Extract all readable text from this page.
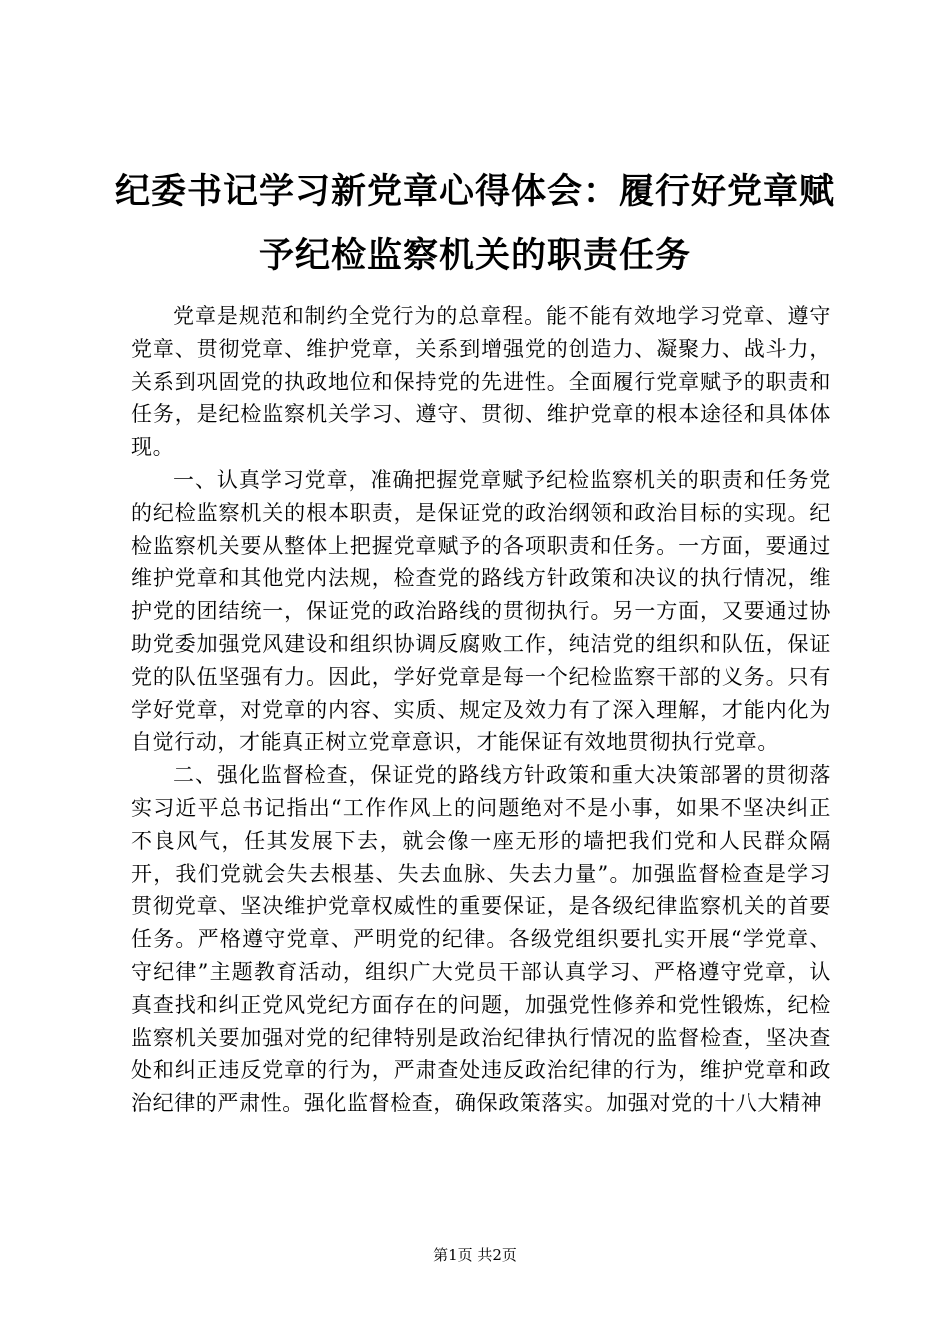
纪委书记学习新党章心得体会：履行好党章赋
予纪检监察机关的职责任务

党章是规范和制约全党行为的总章程。能不能有效地学习党章、遵守党章、贯彻党章、维护党章，关系到增强党的创造力、凝聚力、战斗力，关系到巩固党的执政地位和保持党的先进性。全面履行党章赋予的职责和任务，是纪检监察机关学习、遵守、贯彻、维护党章的根本途径和具体体现。

一、认真学习党章，准确把握党章赋予纪检监察机关的职责和任务党的纪检监察机关的根本职责，是保证党的政治纲领和政治目标的实现。纪检监察机关要从整体上把握党章赋予的各项职责和任务。一方面，要通过维护党章和其他党内法规，检查党的路线方针政策和决议的执行情况，维护党的团结统一，保证党的政治路线的贯彻执行。另一方面，又要通过协助党委加强党风建设和组织协调反腐败工作，纯洁党的组织和队伍，保证党的队伍坚强有力。因此，学好党章是每一个纪检监察干部的义务。只有学好党章，对党章的内容、实质、规定及效力有了深入理解，才能内化为自觉行动，才能真正树立党章意识，才能保证有效地贯彻执行党章。

二、强化监督检查，保证党的路线方针政策和重大决策部署的贯彻落实习近平总书记指出“工作作风上的问题绝对不是小事，如果不坚决纠正不良风气，任其发展下去，就会像一座无形的墙把我们党和人民群众隔开，我们党就会失去根基、失去血脉、失去力量”。加强监督检查是学习贯彻党章、坚决维护党章权威性的重要保证，是各级纪律监察机关的首要任务。严格遵守党章、严明党的纪律。各级党组织要扎实开展“学党章、守纪律”主题教育活动，组织广大党员干部认真学习、严格遵守党章，认真查找和纠正党风党纪方面存在的问题，加强党性修养和党性锻炼，纪检监察机关要加强对党的纪律特别是政治纪律执行情况的监督检查，坚决查处和纠正违反党章的行为，严肃查处违反政治纪律的行为，维护党章和政治纪律的严肃性。强化监督检查，确保政策落实。加强对党的十八大精神

第1页 共2页
